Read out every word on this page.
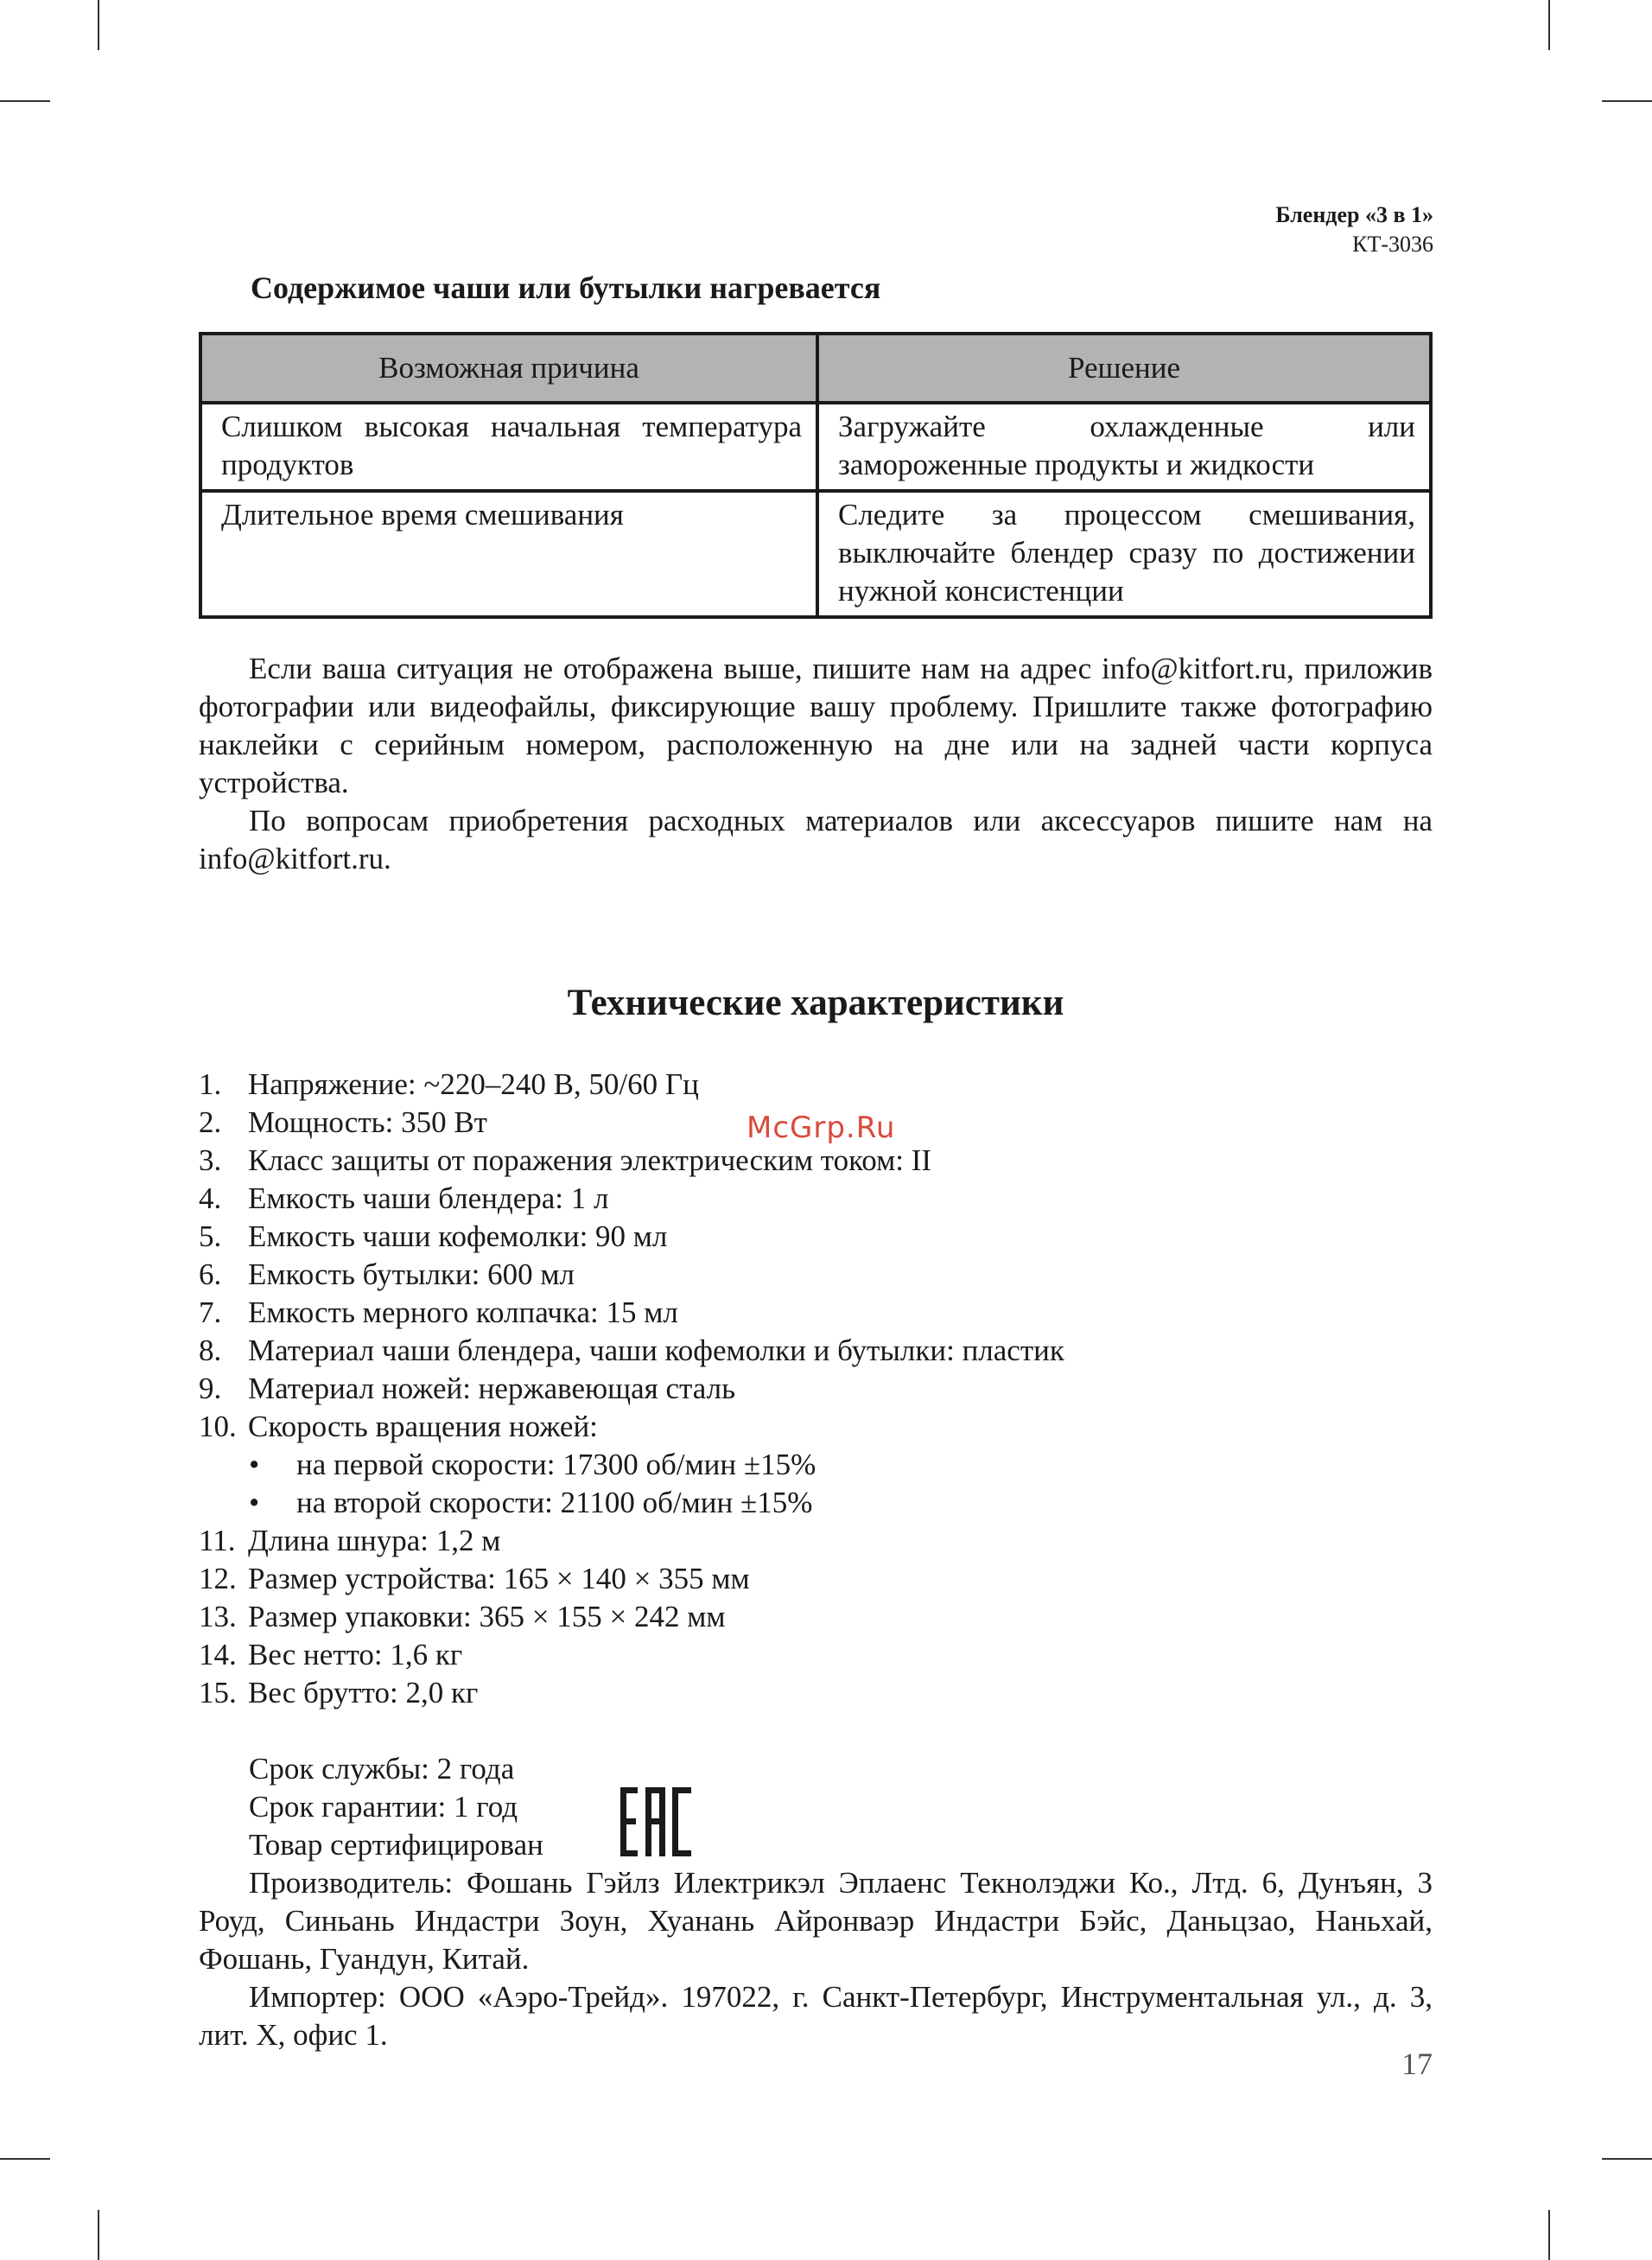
Блендер «3 в 1»
КТ-3036
Содержимое чаши или бутылки нагревается
Возможная причина	Решение
Слишком высокая начальная температура продуктов	Загружайте охлажденные или замороженные продукты и жидкости
Длительное время смешивания	Следите за процессом смешивания, выключайте блендер сразу по достижении нужной консистенции

Если ваша ситуация не отображена выше, пишите нам на адрес info@kitfort.ru, приложив фотографии или видеофайлы, фиксирующие вашу проблему. Пришлите также фотографию наклейки с серийным номером, расположенную на дне или на задней части корпуса устройства.

По вопросам приобретения расходных материалов или аксессуаров пишите нам на info@kitfort.ru.

Технические характеристики
1. Напряжение: ~220–240 В, 50/60 Гц
2. Мощность: 350 Вт
3. Класс защиты от поражения электрическим током: II
4. Емкость чаши блендера: 1 л
5. Емкость чаши кофемолки: 90 мл
6. Емкость бутылки: 600 мл
7. Емкость мерного колпачка: 15 мл
8. Материал чаши блендера, чаши кофемолки и бутылки: пластик
9. Материал ножей: нержавеющая сталь
10. Скорость вращения ножей:
• на первой скорости: 17300 об/мин ±15%
• на второй скорости: 21100 об/мин ±15%
11. Длина шнура: 1,2 м
12. Размер устройства: 165 × 140 × 355 мм
13. Размер упаковки: 365 × 155 × 242 мм
14. Вес нетто: 1,6 кг
15. Вес брутто: 2,0 кг
McGrp.Ru
Срок службы: 2 года
Срок гарантии: 1 год
Товар сертифицирован

Производитель: Фошань Гэйлз Илектрикэл Эплаенс Текнолэджи Ко., Лтд. 6, Дунъян, 3 Роуд, Синьань Индастри Зоун, Хуанань Айронваэр Индастри Бэйс, Даньцзао, Наньхай, Фошань, Гуандун, Китай.

Импортер: ООО «Аэро-Трейд». 197022, г. Санкт-Петербург, Инструментальная ул., д. 3, лит. Х, офис 1.

17
